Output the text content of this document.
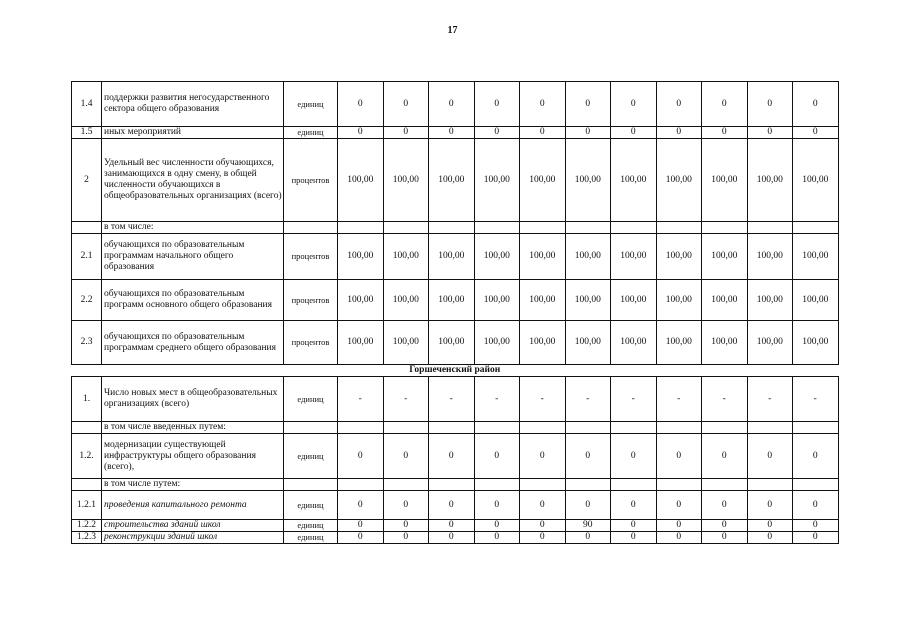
17
1.4	поддержки развития негосударственного сектора общего образования	единиц	0	0	0	0	0	0	0	0	0	0	0
1.5	иных мероприятий	единиц	0	0	0	0	0	0	0	0	0	0	0
2	Удельный вес численности обучающихся, занимающихся в одну смену, в общей численности обучающихся в общеобразовательных организациях (всего)	процентов	100,00	100,00	100,00	100,00	100,00	100,00	100,00	100,00	100,00	100,00	100,00
	в том числе:												
2.1	обучающихся по образовательным программам начального общего образования	процентов	100,00	100,00	100,00	100,00	100,00	100,00	100,00	100,00	100,00	100,00	100,00
2.2	обучающихся по образовательным программ основного общего образования	процентов	100,00	100,00	100,00	100,00	100,00	100,00	100,00	100,00	100,00	100,00	100,00
2.3	обучающихся по образовательным программам среднего общего образования	процентов	100,00	100,00	100,00	100,00	100,00	100,00	100,00	100,00	100,00	100,00	100,00
Горшеченский район													
1.	Число новых мест в общеобразовательных организациях (всего)	единиц	-	-	-	-	-	-	-	-	-	-	-
	в том числе введенных путем:												
1.2.	модернизации существующей инфраструктуры общего образования (всего),	единиц	0	0	0	0	0	0	0	0	0	0	0
	в том числе путем:												
1.2.1	проведения капитального ремонта	единиц	0	0	0	0	0	0	0	0	0	0	0
1.2.2	строительства зданий школ	единиц	0	0	0	0	0	90	0	0	0	0	0
1.2.3	реконструкции зданий школ	единиц	0	0	0	0	0	0	0	0	0	0	0
